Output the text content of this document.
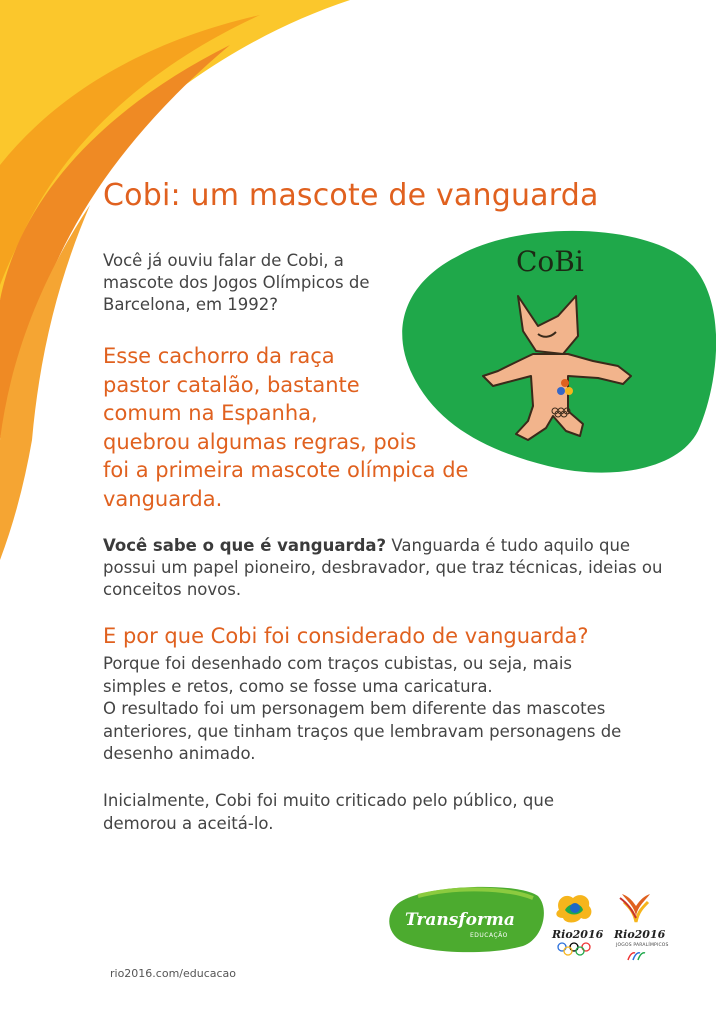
Cobi: um mascote de vanguarda
Você já ouviu falar de Cobi, a mascote dos Jogos Olímpicos de Barcelona, em 1992?
CoBi
Esse cachorro da raça
pastor catalão, bastante
comum na Espanha,
quebrou algumas regras, pois
foi a primeira mascote olímpica de
vanguarda.
Você sabe o que é vanguarda? Vanguarda é tudo aquilo que possui um papel pioneiro, desbravador, que traz técnicas, ideias ou conceitos novos.
E por que Cobi foi considerado de vanguarda?
Porque foi desenhado com traços cubistas, ou seja, mais
simples e retos, como se fosse uma caricatura.
O resultado foi um personagem bem diferente das mascotes
anteriores, que tinham traços que lembravam personagens de
desenho animado.
Inicialmente, Cobi foi muito criticado pelo público, que
demorou a aceitá-lo.
Transforma
EDUCAÇÃO	Rio2016 Rio2016
JOGOS PARALÍMPICOS
rio2016.com/educacao
